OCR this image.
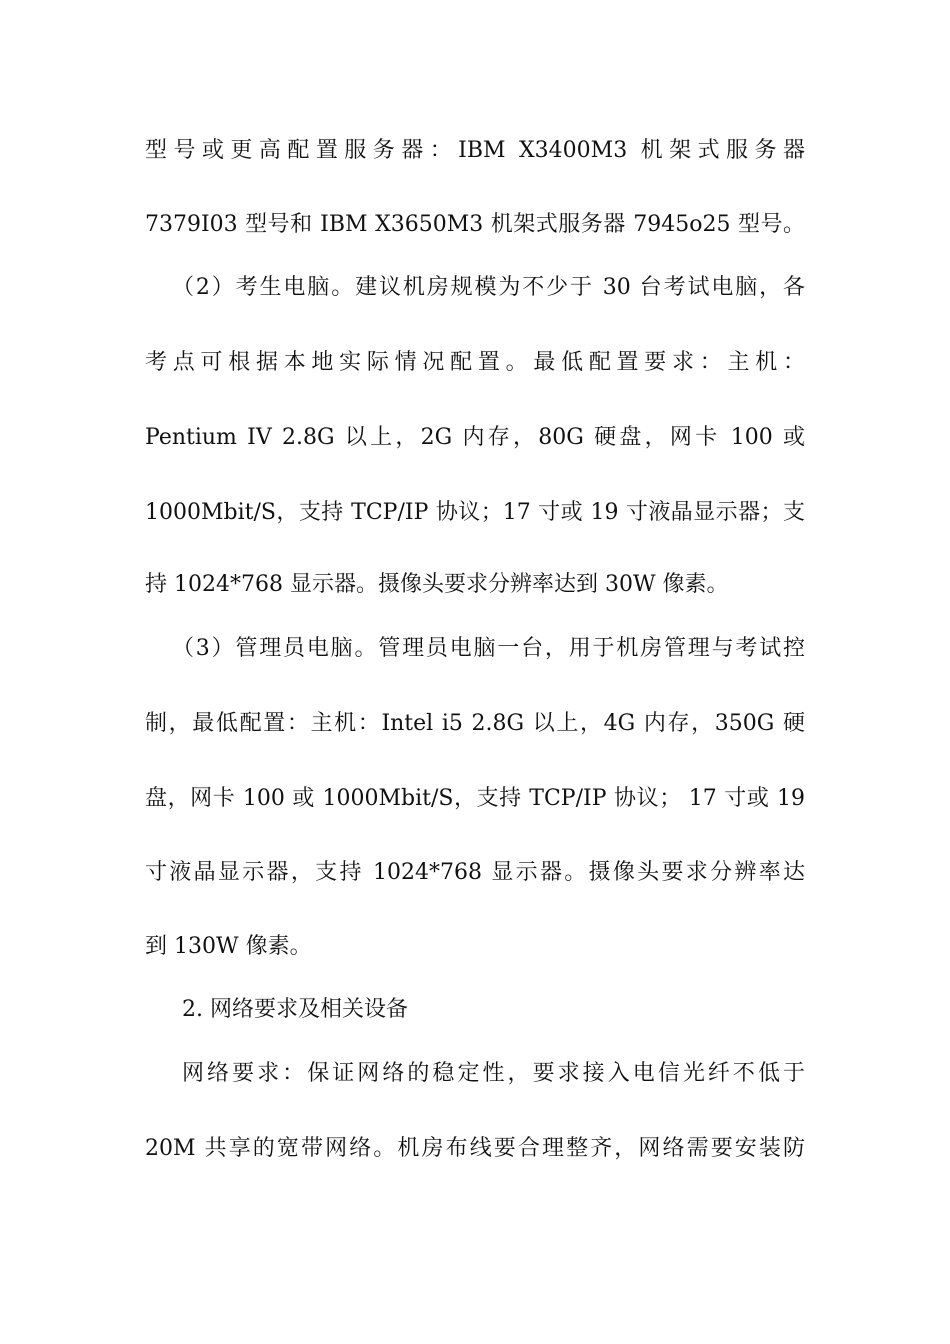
型号或更高配置服务器：IBM X3400M3 机架式服务器
7379I03 型号和 IBM X3650M3 机架式服务器 7945o25 型号。
（2）考生电脑。建议机房规模为不少于 30 台考试电脑，各
考点可根据本地实际情况配置。最低配置要求：主机：
Pentium IV 2.8G 以上，2G 内存，80G 硬盘，网卡 100 或
1000Mbit/S，支持 TCP/IP 协议；17 寸或 19 寸液晶显示器；支
持 1024*768 显示器。摄像头要求分辨率达到 30W 像素。
（3）管理员电脑。管理员电脑一台，用于机房管理与考试控
制，最低配置：主机：Intel i5 2.8G 以上，4G 内存，350G 硬
盘，网卡 100 或 1000Mbit/S，支持 TCP/IP 协议； 17 寸或 19
寸液晶显示器，支持 1024*768 显示器。摄像头要求分辨率达
到 130W 像素。
2. 网络要求及相关设备
网络要求：保证网络的稳定性，要求接入电信光纤不低于
20M 共享的宽带网络。机房布线要合理整齐，网络需要安装防
